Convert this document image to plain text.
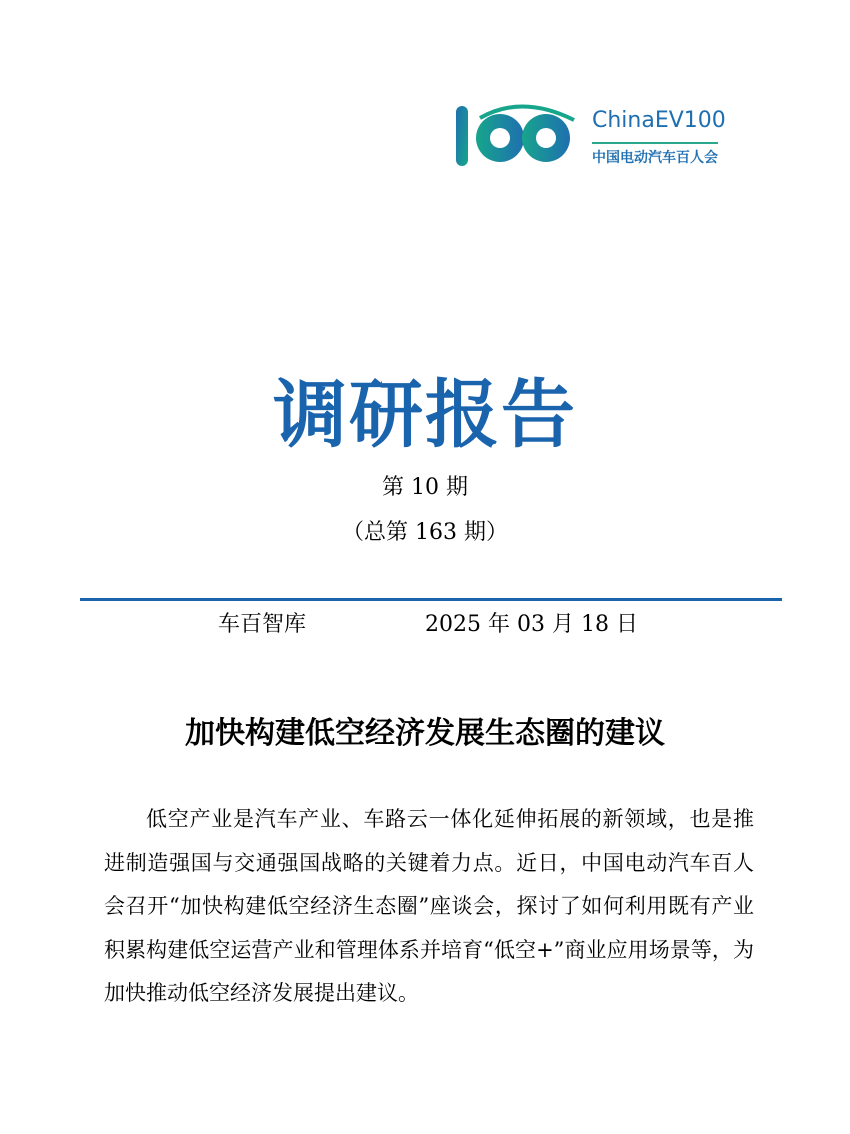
ChinaEV100
中国电动汽车百人会
调研报告
第 10 期
（总第 163 期）
车百智库	2025 年 03 月 18 日
加快构建低空经济发展生态圈的建议
低空产业是汽车产业、车路云一体化延伸拓展的新领域，也是推进制造强国与交通强国战略的关键着力点。近日，中国电动汽车百人会召开“加快构建低空经济生态圈”座谈会，探讨了如何利用既有产业积累构建低空运营产业和管理体系并培育“低空+”商业应用场景等，为加快推动低空经济发展提出建议。
